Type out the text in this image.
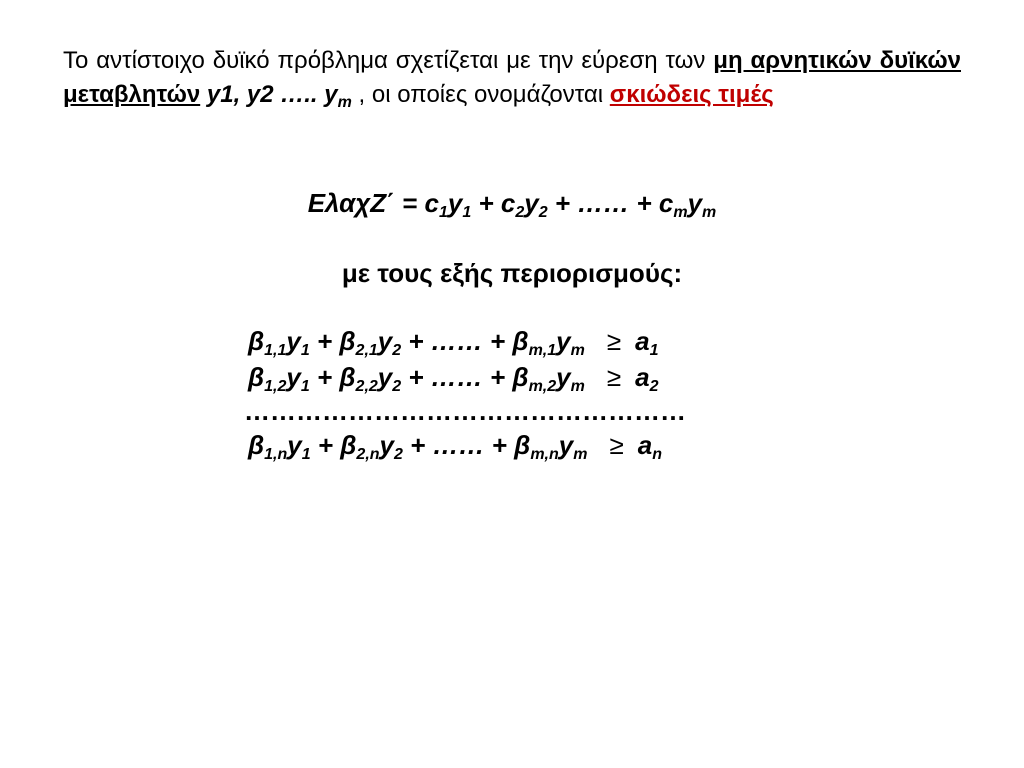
Το αντίστοιχο δυϊκό πρόβλημα σχετίζεται με την εύρεση των μη αρνητικών δυϊκών μεταβλητών y1, y2 ….. $y_m$ , οι οποίες ονομάζονται σκιώδεις τιμές
$E\lambda\alpha\chi Z΄ = c_1y_1 + c_2y_2$ + …… + $c_my_m$
με τους εξής περιορισμούς:
$\beta_{1,1}y_1 + \beta_{2,1}y_2$ + …… + $\beta_{m,1}y_m \ge a_1$
$\beta_{1,2}y_1 + \beta_{2,2}y_2$ + …… + $\beta_{m,2}y_m \ge a_2$
……………………………………………
$\beta_{1,n}y_1 + \beta_{2,n}y_2$ + …… + $\beta_{m,n}y_m \ge a_n$
